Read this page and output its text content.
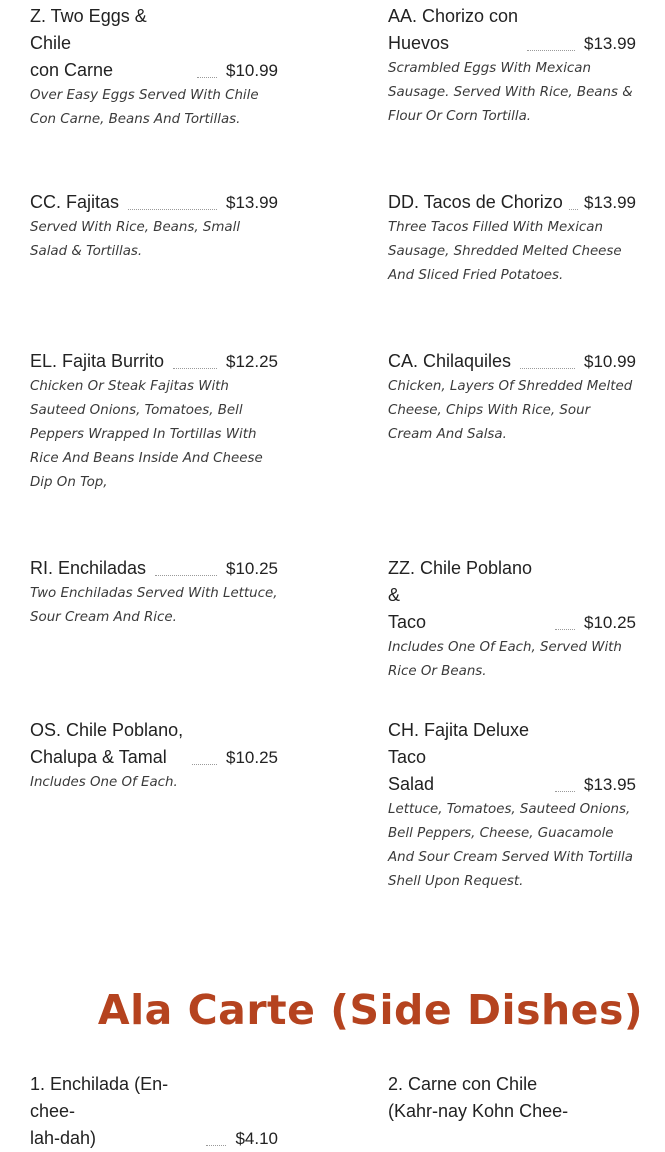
Z. Two Eggs & Chile
con Carne	$10.99
Over Easy Eggs Served With Chile Con Carne, Beans And Tortillas.
AA. Chorizo con
Huevos	$13.99
Scrambled Eggs With Mexican Sausage. Served With Rice, Beans & Flour Or Corn Tortilla.
CC. Fajitas	$13.99
Served With Rice, Beans, Small Salad & Tortillas.
DD. Tacos de Chorizo $13.99
Three Tacos Filled With Mexican Sausage, Shredded Melted Cheese And Sliced Fried Potatoes.
EL. Fajita Burrito	$12.25
Chicken Or Steak Fajitas With Sauteed Onions, Tomatoes, Bell Peppers Wrapped In Tortillas With Rice And Beans Inside And Cheese Dip On Top,
CA. Chilaquiles	$10.99
Chicken, Layers Of Shredded Melted Cheese, Chips With Rice, Sour Cream And Salsa.
RI. Enchiladas	$10.25
Two Enchiladas Served With Lettuce, Sour Cream And Rice.
ZZ. Chile Poblano &
Taco	$10.25
Includes One Of Each, Served With Rice Or Beans.
OS. Chile Poblano,
Chalupa & Tamal	$10.25
Includes One Of Each.
CH. Fajita Deluxe Taco
Salad	$13.95
Lettuce, Tomatoes, Sauteed Onions, Bell Peppers, Cheese, Guacamole And Sour Cream Served With Tortilla Shell Upon Request.
Ala Carte (Side Dishes)
1. Enchilada (En-chee-
lah-dah)	$4.10
2. Carne con Chile
(Kahr-nay Kohn Chee-
